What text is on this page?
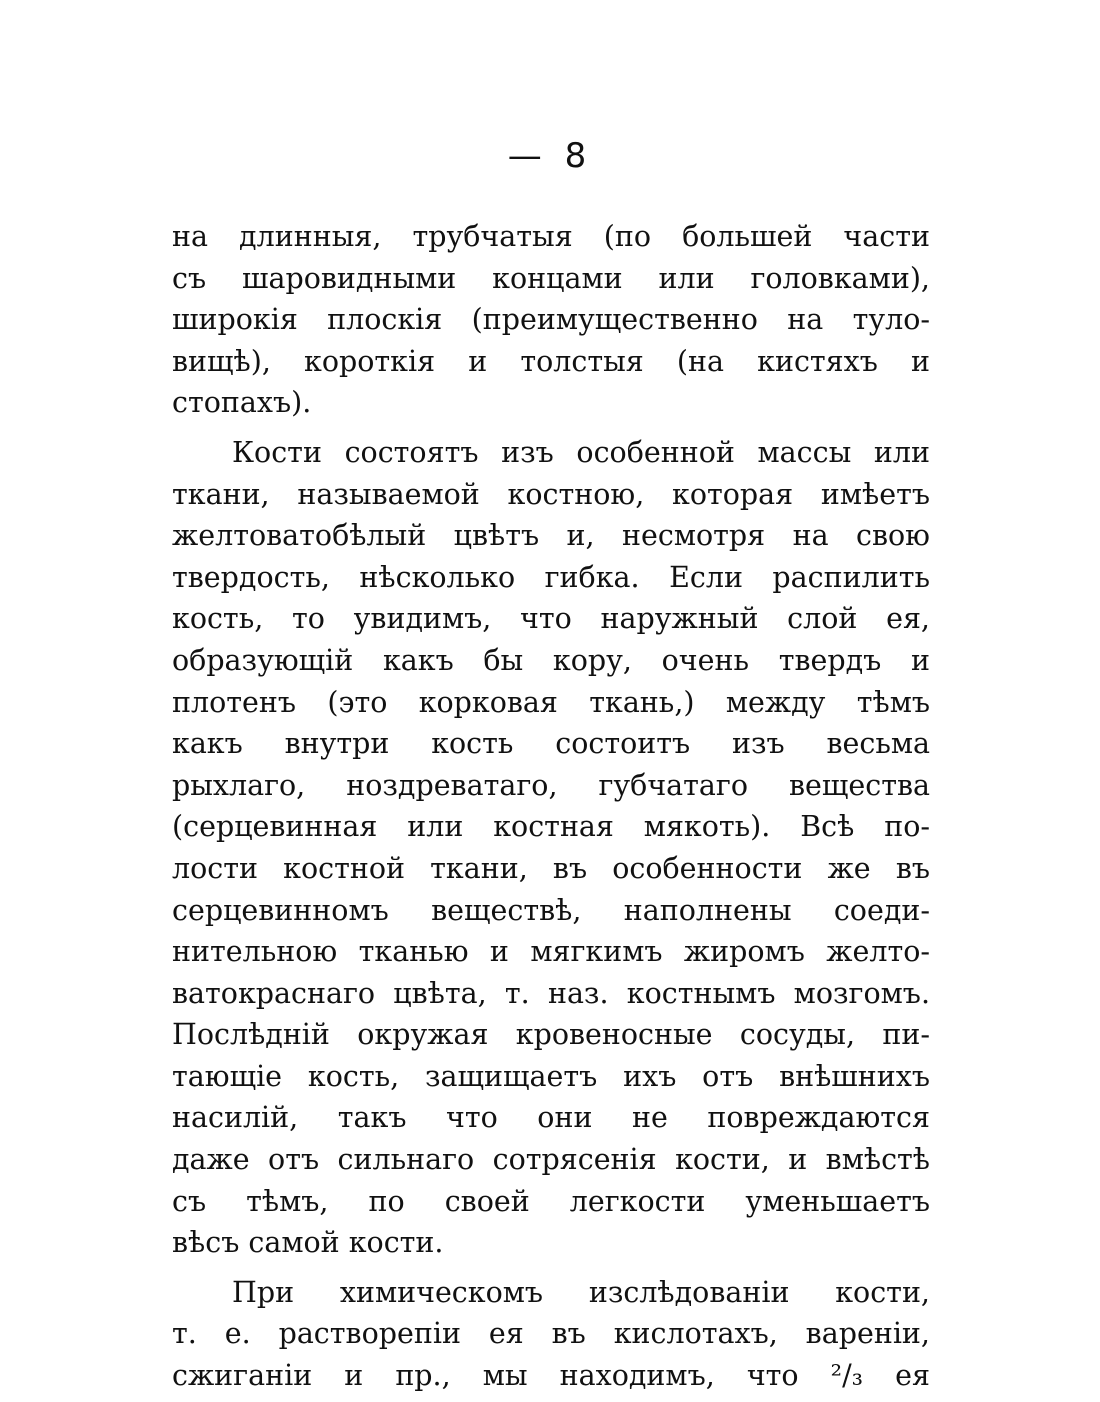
— 8
на длинныя, трубчатыя (по большей части
съ шаровидными концами или головками),
широкія плоскія (преимущественно на туло-
вищѣ), короткія и толстыя (на кистяхъ и
стопахъ).
Кости состоятъ изъ особенной массы или
ткани, называемой костною, которая имѣетъ
желтоватобѣлый цвѣтъ и, несмотря на свою
твердость, нѣсколько гибка. Если распилить
кость, то увидимъ, что наружный слой ея,
образующій какъ бы кору, очень твердъ и
плотенъ (это корковая ткань,) между тѣмъ
какъ внутри кость состоитъ изъ весьма
рыхлаго, ноздреватаго, губчатаго вещества
(серцевинная или костная мякоть). Всѣ по-
лости костной ткани, въ особенности же въ
серцевинномъ веществѣ, наполнены соеди-
нительною тканью и мягкимъ жиромъ желто-
ватокраснаго цвѣта, т. наз. костнымъ мозгомъ.
Послѣдній окружая кровеносные сосуды, пи-
тающіе кость, защищаетъ ихъ отъ внѣшнихъ
насилій, такъ что они не повреждаются
даже отъ сильнаго сотрясенія кости, и вмѣстѣ
съ тѣмъ, по своей легкости уменьшаетъ
вѣсъ самой кости.
При химическомъ изслѣдованіи кости,
т. е. растворепіи ея въ кислотахъ, вареніи,
сжиганіи и пр., мы находимъ, что ²/₃ ея
